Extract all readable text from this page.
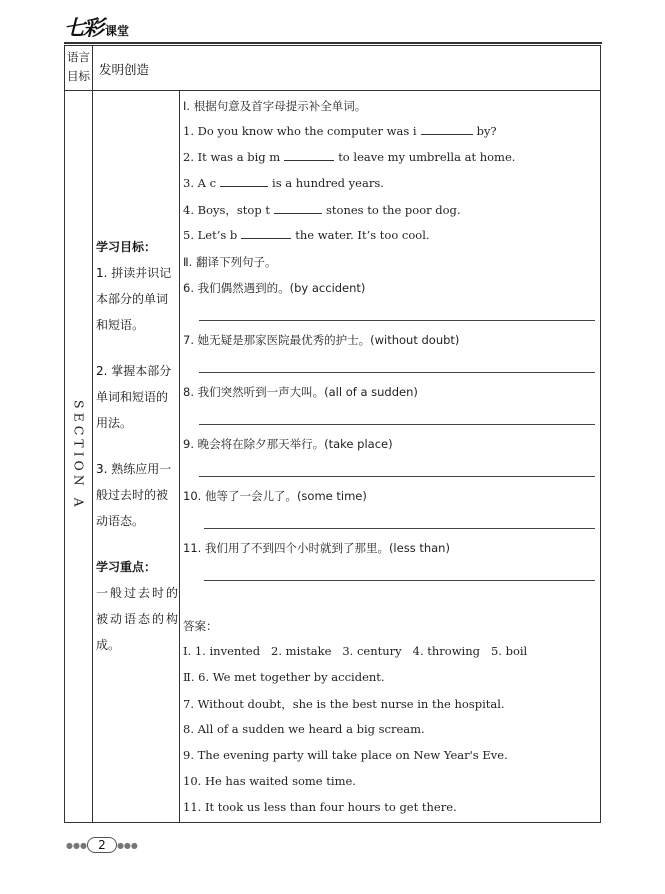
七彩 课堂
语言目标 发明创造
SECTION A

学习目标：

1. 拼读并识记本部分的单词和短语。

2. 掌握本部分单词和短语的用法。

3. 熟练应用一般过去时的被动语态。

学习重点：

一般过去时的被动语态的构成。

Ⅰ. 根据句意及首字母提示补全单词。
1. Do you know who the computer was i	by?
2. It was a big m	to leave my umbrella at home.
3. A c	is a hundred years.
4. Boys，stop t	stones to the poor dog.
5. Let’s b	the water. It’s too cool.
Ⅱ. 翻译下列句子。
6. 我们偶然遇到的。(by accident)
7. 她无疑是那家医院最优秀的护士。(without doubt)
8. 我们突然听到一声大叫。(all of a sudden)
9. 晚会将在除夕那天举行。(take place)
10. 他等了一会儿了。(some time)
11. 我们用了不到四个小时就到了那里。(less than)
答案：
Ⅰ. 1. invented   2. mistake   3. century   4. throwing   5. boil
Ⅱ. 6. We met together by accident.
7. Without doubt，she is the best nurse in the hospital.
8. All of a sudden we heard a big scream.
9. The evening party will take place on New Year's Eve.
10. He has waited some time.
11. It took us less than four hours to get there.
●●● 2	●●●
